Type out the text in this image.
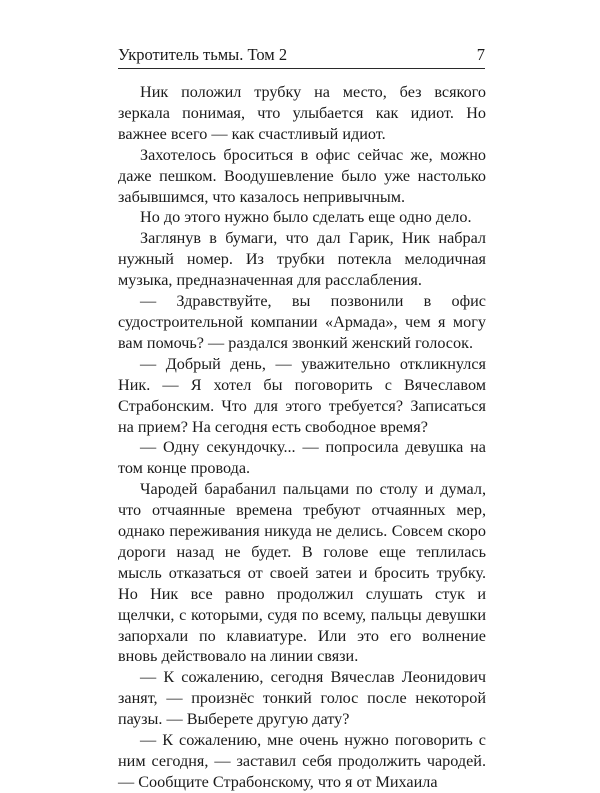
Укротитель тьмы. Том 2	7

Ник положил трубку на место, без всякого зеркала понимая, что улыбается как идиот. Но важнее всего — как счастливый идиот.

Захотелось броситься в офис сейчас же, можно даже пешком. Воодушевление было уже настолько забывшимся, что казалось непривычным.

Но до этого нужно было сделать еще одно дело.

Заглянув в бумаги, что дал Гарик, Ник набрал нужный номер. Из трубки потекла мелодичная музыка, предназначенная для расслабления.

— Здравствуйте, вы позвонили в офис судостроительной компании «Армада», чем я могу вам помочь? — раздался звонкий женский голосок.

— Добрый день, — уважительно откликнулся Ник. — Я хотел бы поговорить с Вячеславом Страбонским. Что для этого требуется? Записаться на прием? На сегодня есть свободное время?

— Одну секундочку... — попросила девушка на том конце провода.

Чародей барабанил пальцами по столу и думал, что отчаянные времена требуют отчаянных мер, однако переживания никуда не делись. Совсем скоро дороги назад не будет. В голове еще теплилась мысль отказаться от своей затеи и бросить трубку. Но Ник все равно продолжил слушать стук и щелчки, с которыми, судя по всему, пальцы девушки запорхали по клавиатуре. Или это его волнение вновь действовало на линии связи.

— К сожалению, сегодня Вячеслав Леонидович занят, — произнёс тонкий голос после некоторой паузы. — Выберете другую дату?

— К сожалению, мне очень нужно поговорить с ним сегодня, — заставил себя продолжить чародей. — Сообщите Страбонскому, что я от Михаила
